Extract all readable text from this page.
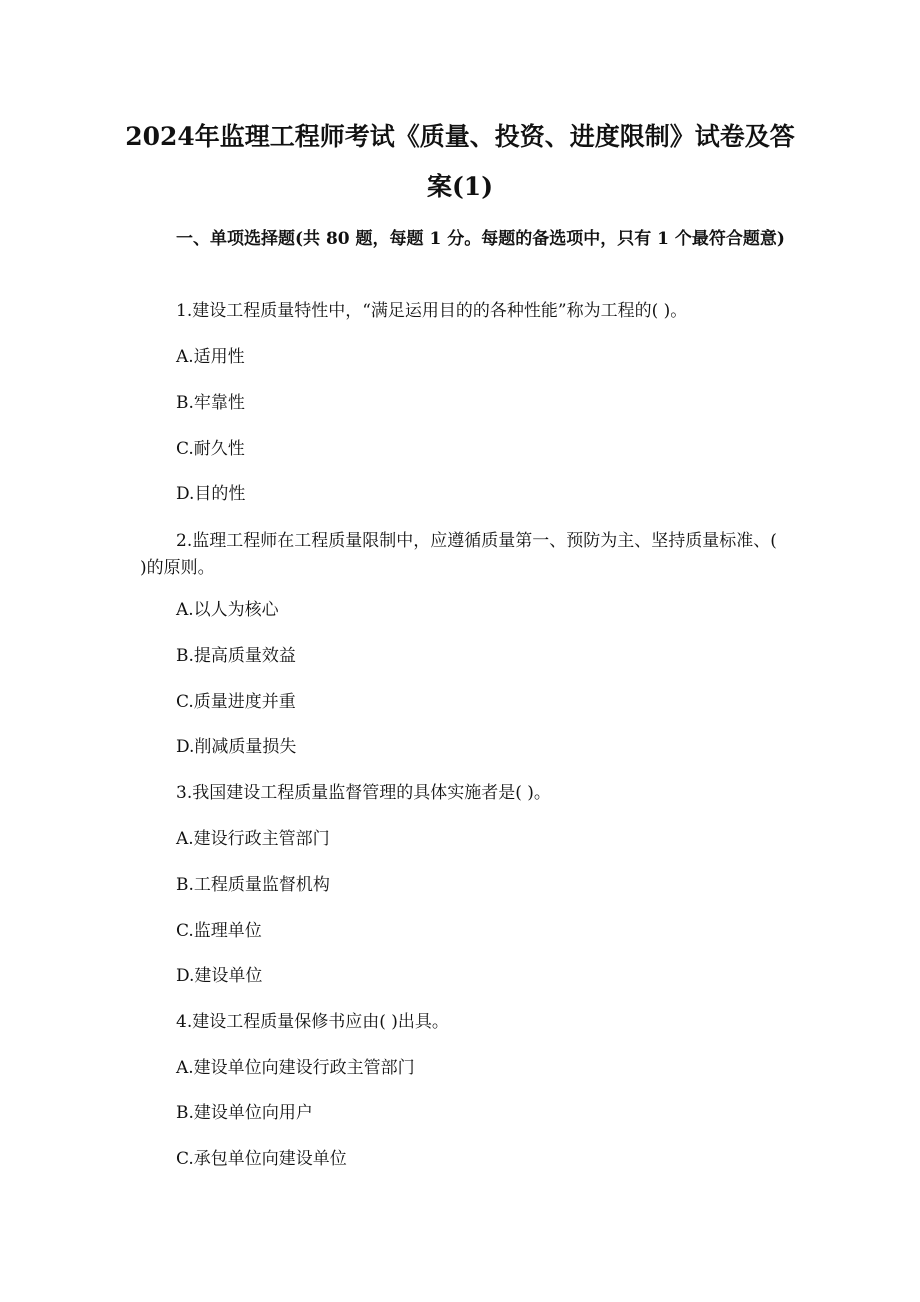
2024年监理工程师考试《质量、投资、进度限制》试卷及答案(1)

一、单项选择题(共 80 题，每题 1 分。每题的备选项中，只有 1 个最符合题意)

1.建设工程质量特性中，“满足运用目的的各种性能”称为工程的( )。

A.适用性

B.牢靠性

C.耐久性

D.目的性

2.监理工程师在工程质量限制中，应遵循质量第一、预防为主、坚持质量标准、( )的原则。

A.以人为核心

B.提高质量效益

C.质量进度并重

D.削减质量损失

3.我国建设工程质量监督管理的具体实施者是( )。

A.建设行政主管部门

B.工程质量监督机构

C.监理单位

D.建设单位

4.建设工程质量保修书应由( )出具。

A.建设单位向建设行政主管部门

B.建设单位向用户

C.承包单位向建设单位
